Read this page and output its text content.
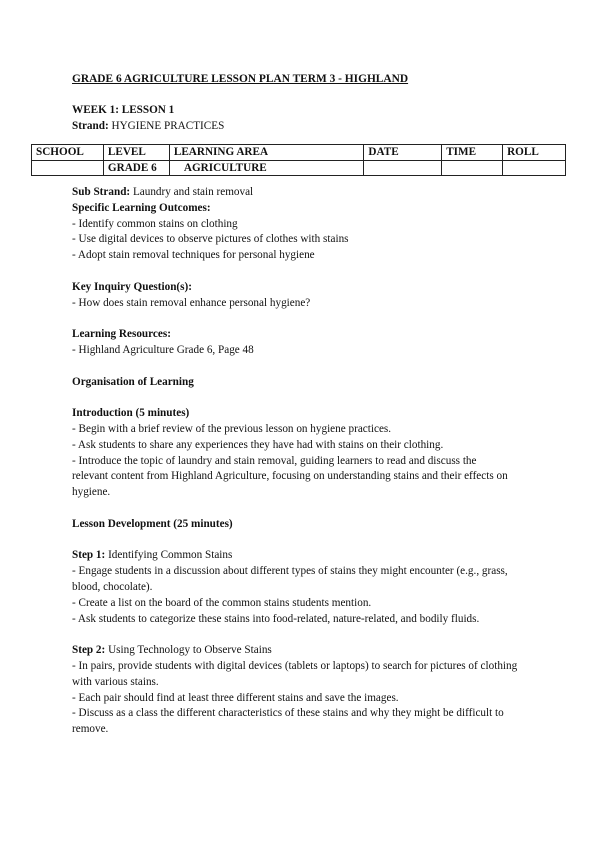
GRADE 6 AGRICULTURE LESSON PLAN TERM 3 - HIGHLAND
WEEK 1: LESSON 1
Strand: HYGIENE PRACTICES
SCHOOL	LEVEL	LEARNING AREA	DATE	TIME	ROLL
	GRADE 6	AGRICULTURE			
Sub Strand: Laundry and stain removal
Specific Learning Outcomes:
- Identify common stains on clothing
- Use digital devices to observe pictures of clothes with stains
- Adopt stain removal techniques for personal hygiene
Key Inquiry Question(s):
- How does stain removal enhance personal hygiene?
Learning Resources:
- Highland Agriculture Grade 6, Page 48
Organisation of Learning
Introduction (5 minutes)
- Begin with a brief review of the previous lesson on hygiene practices.
- Ask students to share any experiences they have had with stains on their clothing.
- Introduce the topic of laundry and stain removal, guiding learners to read and discuss the relevant content from Highland Agriculture, focusing on understanding stains and their effects on hygiene.
Lesson Development (25 minutes)
Step 1: Identifying Common Stains
- Engage students in a discussion about different types of stains they might encounter (e.g., grass, blood, chocolate).
- Create a list on the board of the common stains students mention.
- Ask students to categorize these stains into food-related, nature-related, and bodily fluids.
Step 2: Using Technology to Observe Stains
- In pairs, provide students with digital devices (tablets or laptops) to search for pictures of clothing with various stains.
- Each pair should find at least three different stains and save the images.
- Discuss as a class the different characteristics of these stains and why they might be difficult to remove.
